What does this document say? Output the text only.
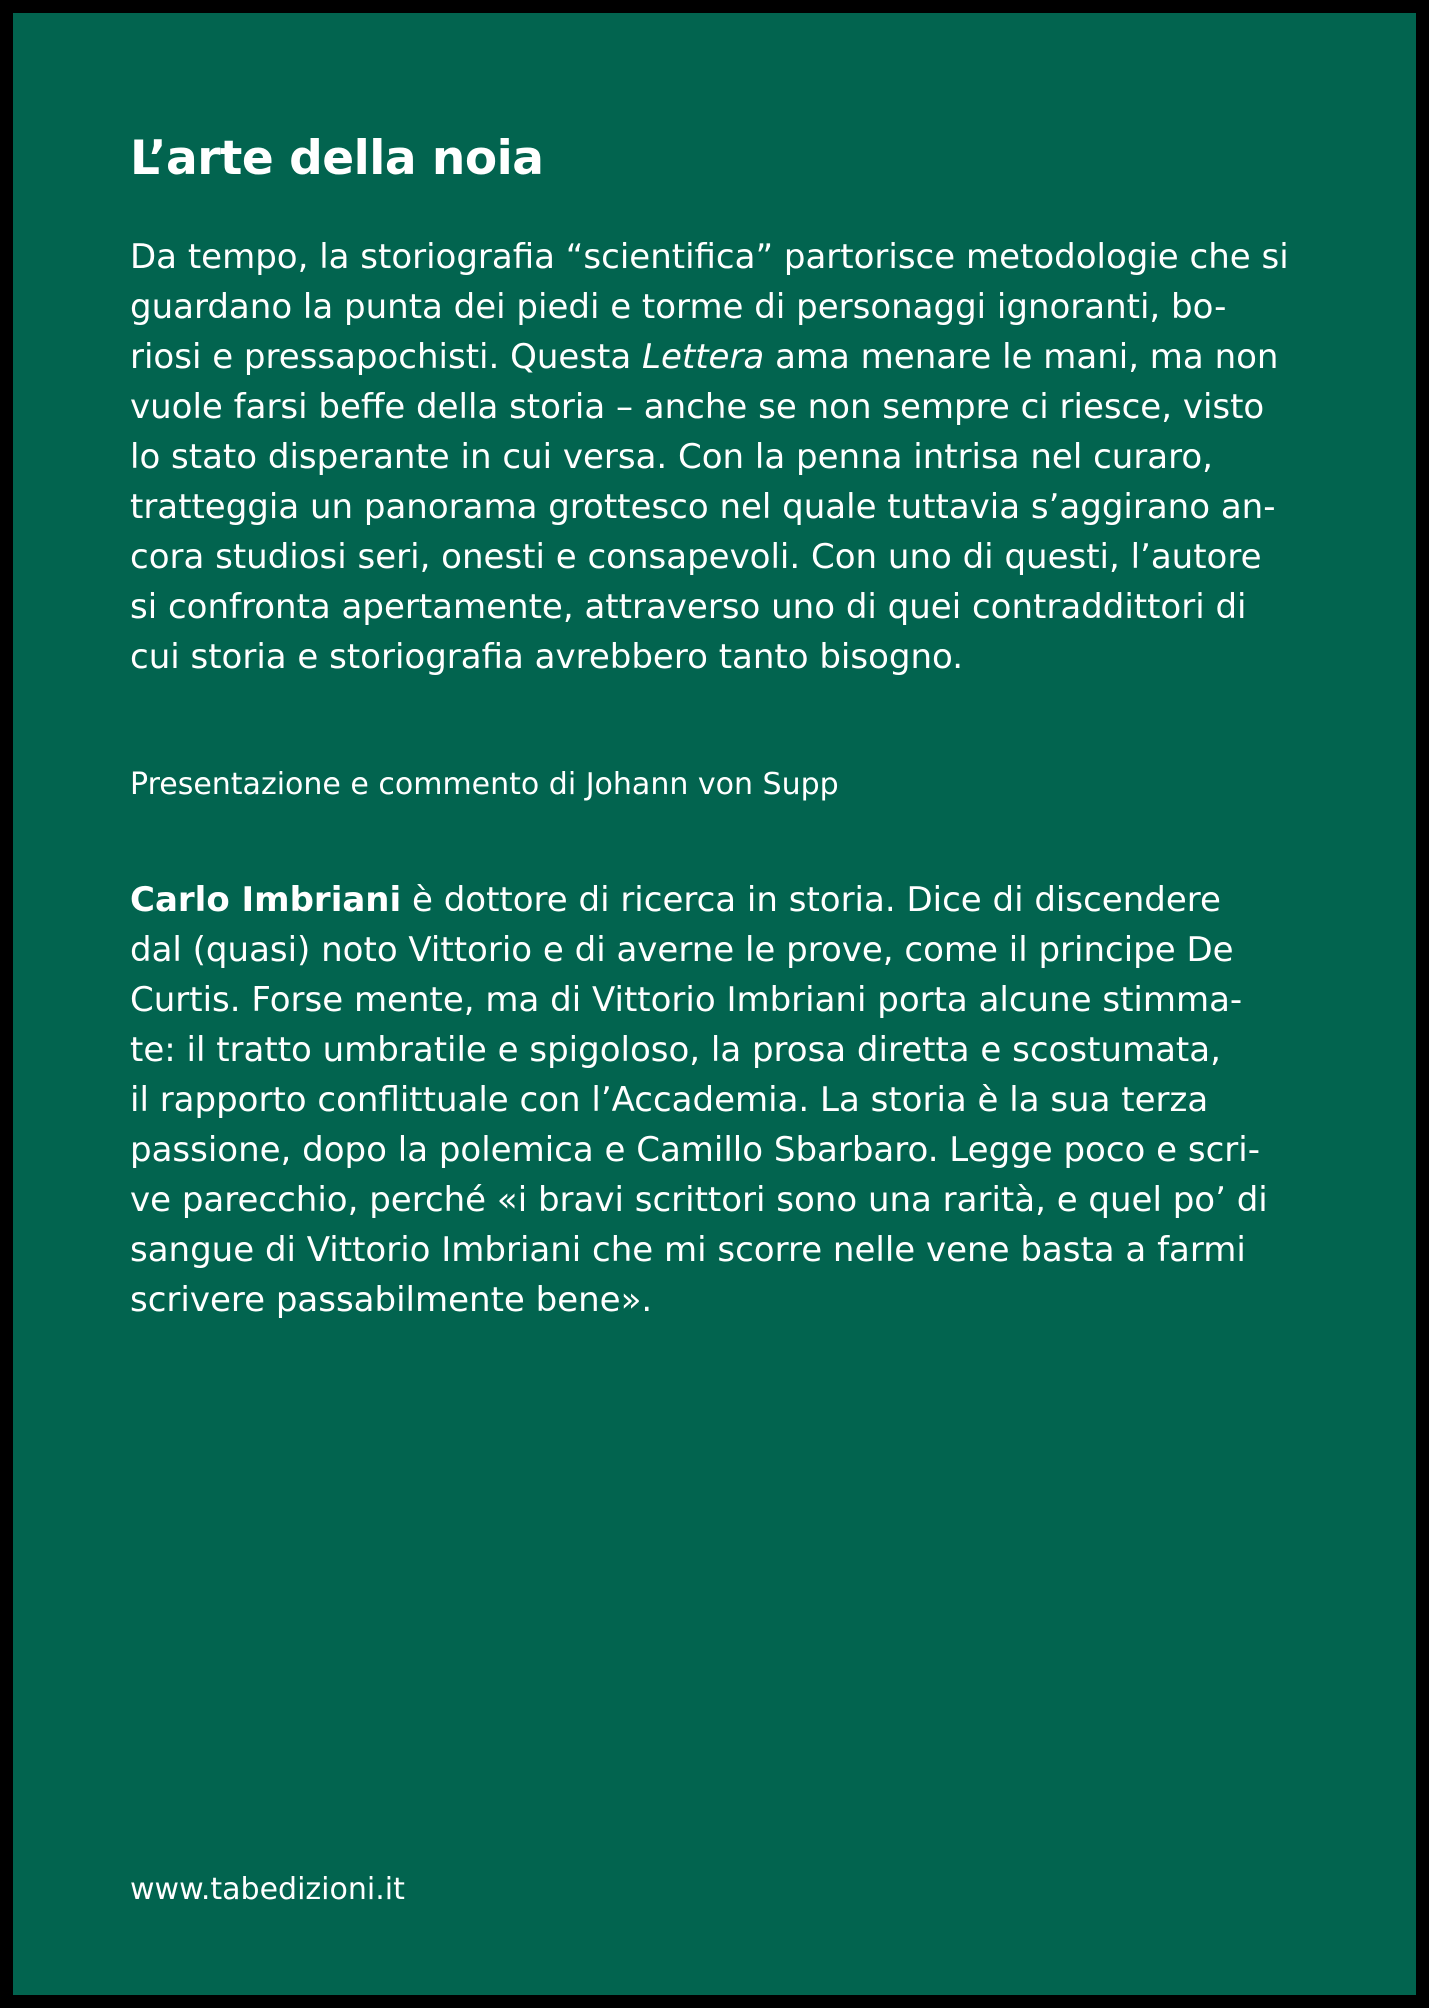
L’arte della noia
Da tempo, la storiografia “scientifica” partorisce metodologie che si
guardano la punta dei piedi e torme di personaggi ignoranti, bo-
riosi e pressapochisti. Questa Lettera ama menare le mani, ma non
vuole farsi beffe della storia – anche se non sempre ci riesce, visto
lo stato disperante in cui versa. Con la penna intrisa nel curaro,
tratteggia un panorama grottesco nel quale tuttavia s’aggirano an-
cora studiosi seri, onesti e consapevoli. Con uno di questi, l’autore
si confronta apertamente, attraverso uno di quei contraddittori di
cui storia e storiografia avrebbero tanto bisogno.

Presentazione e commento di Johann von Supp

Carlo Imbriani è dottore di ricerca in storia. Dice di discendere
dal (quasi) noto Vittorio e di averne le prove, come il principe De
Curtis. Forse mente, ma di Vittorio Imbriani porta alcune stimma-
te: il tratto umbratile e spigoloso, la prosa diretta e scostumata,
il rapporto conflittuale con l’Accademia. La storia è la sua terza
passione, dopo la polemica e Camillo Sbarbaro. Legge poco e scri-
ve parecchio, perché «i bravi scrittori sono una rarità, e quel po’ di
sangue di Vittorio Imbriani che mi scorre nelle vene basta a farmi
scrivere passabilmente bene».

www.tabedizioni.it
